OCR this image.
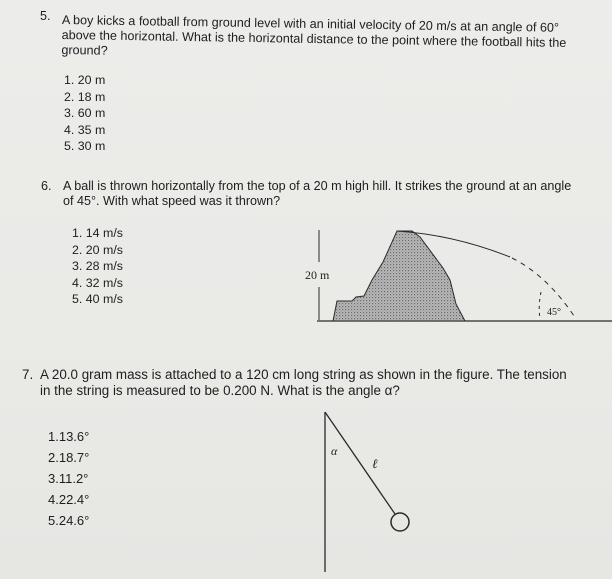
5. A boy kicks a football from ground level with an initial velocity of 20 m/s at an angle of 60° above the horizontal. What is the horizontal distance to the point where the football hits the ground?
1. 20 m
2. 18 m
3. 60 m
4. 35 m
5. 30 m
6. A ball is thrown horizontally from the top of a 20 m high hill. It strikes the ground at an angle of 45°. With what speed was it thrown?
1. 14 m/s
2. 20 m/s
3. 28 m/s
4. 32 m/s
5. 40 m/s
20 m
45°
7. A 20.0 gram mass is attached to a 120 cm long string as shown in the figure. The tension in the string is measured to be 0.200 N. What is the angle α?
1.13.6°
2.18.7°
3.11.2°
4.22.4°
5.24.6°
α
ℓ
